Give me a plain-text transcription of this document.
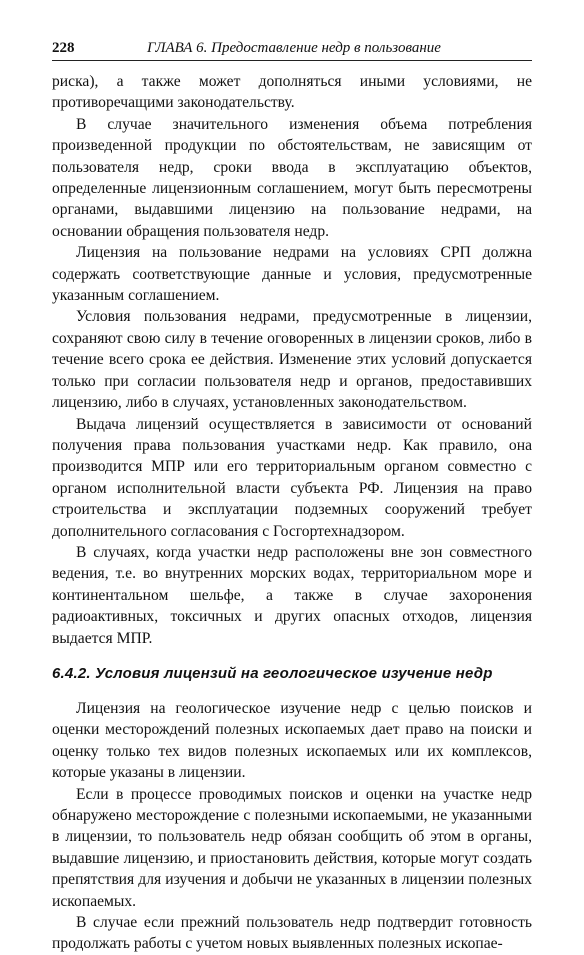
228	ГЛАВА 6. Предоставление недр в пользование

риска), а также может дополняться иными условиями, не противоречащими законодательству.

В случае значительного изменения объема потребления произведенной продукции по обстоятельствам, не зависящим от пользователя недр, сроки ввода в эксплуатацию объектов, определенные лицензионным соглашением, могут быть пересмотрены органами, выдавшими лицензию на пользование недрами, на основании обращения пользователя недр.

Лицензия на пользование недрами на условиях СРП должна содержать соответствующие данные и условия, предусмотренные указанным соглашением.

Условия пользования недрами, предусмотренные в лицензии, сохраняют свою силу в течение оговоренных в лицензии сроков, либо в течение всего срока ее действия. Изменение этих условий допускается только при согласии пользователя недр и органов, предоставивших лицензию, либо в случаях, установленных законодательством.

Выдача лицензий осуществляется в зависимости от оснований получения права пользования участками недр. Как правило, она производится МПР или его территориальным органом совместно с органом исполнительной власти субъекта РФ. Лицензия на право строительства и эксплуатации подземных сооружений требует дополнительного согласования с Госгортехнадзором.

В случаях, когда участки недр расположены вне зон совместного ведения, т.е. во внутренних морских водах, территориальном море и континентальном шельфе, а также в случае захоронения радиоактивных, токсичных и других опасных отходов, лицензия выдается МПР.

6.4.2. Условия лицензий на геологическое изучение недр

Лицензия на геологическое изучение недр с целью поисков и оценки месторождений полезных ископаемых дает право на поиски и оценку только тех видов полезных ископаемых или их комплексов, которые указаны в лицензии.

Если в процессе проводимых поисков и оценки на участке недр обнаружено месторождение с полезными ископаемыми, не указанными в лицензии, то пользователь недр обязан сообщить об этом в органы, выдавшие лицензию, и приостановить действия, которые могут создать препятствия для изучения и добычи не указанных в лицензии полезных ископаемых.

В случае если прежний пользователь недр подтвердит готовность продолжать работы с учетом новых выявленных полезных ископае-
